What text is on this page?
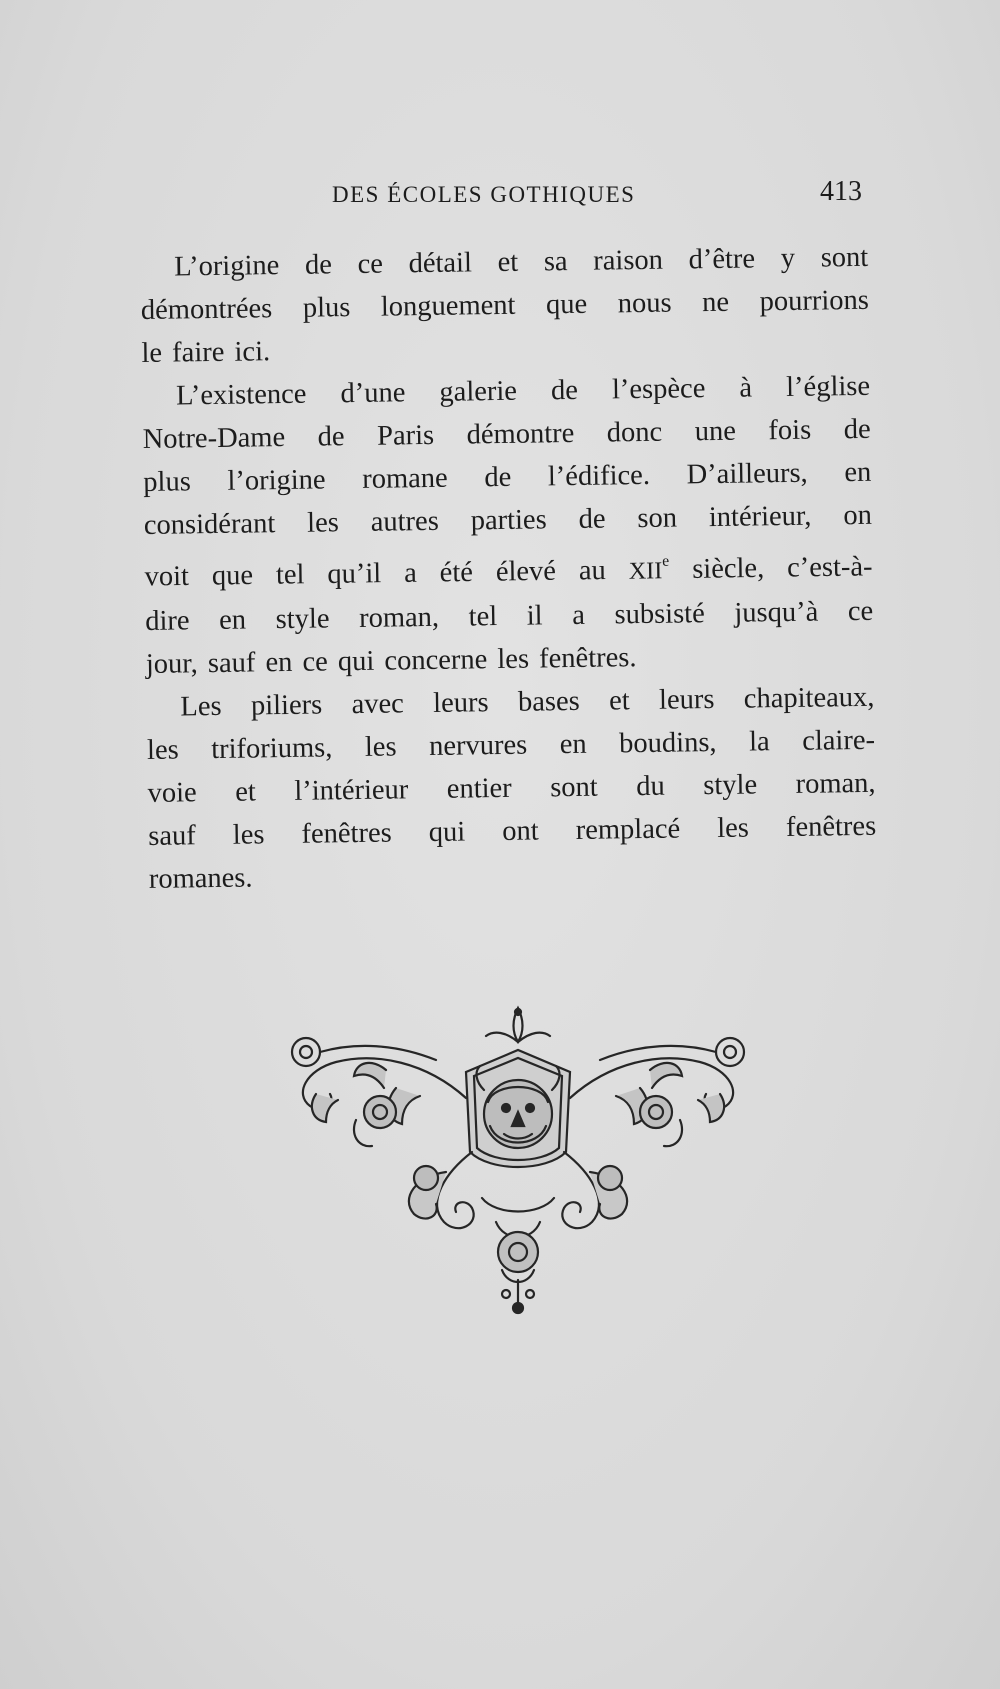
DES ÉCOLES GOTHIQUES	413

L’origine de ce détail et sa raison d’être y sont
démontrées plus longuement que nous ne pourrions
le faire ici.

L’existence d’une galerie de l’espèce à l’église
Notre-Dame de Paris démontre donc une fois de
plus l’origine romane de l’édifice. D’ailleurs, en
considérant les autres parties de son intérieur, on
voit que tel qu’il a été élevé au XIIe siècle, c’est-à-
dire en style roman, tel il a subsisté jusqu’à ce
jour, sauf en ce qui concerne les fenêtres.

Les piliers avec leurs bases et leurs chapiteaux,
les triforiums, les nervures en boudins, la claire-
voie et l’intérieur entier sont du style roman,
sauf les fenêtres qui ont remplacé les fenêtres
romanes.
